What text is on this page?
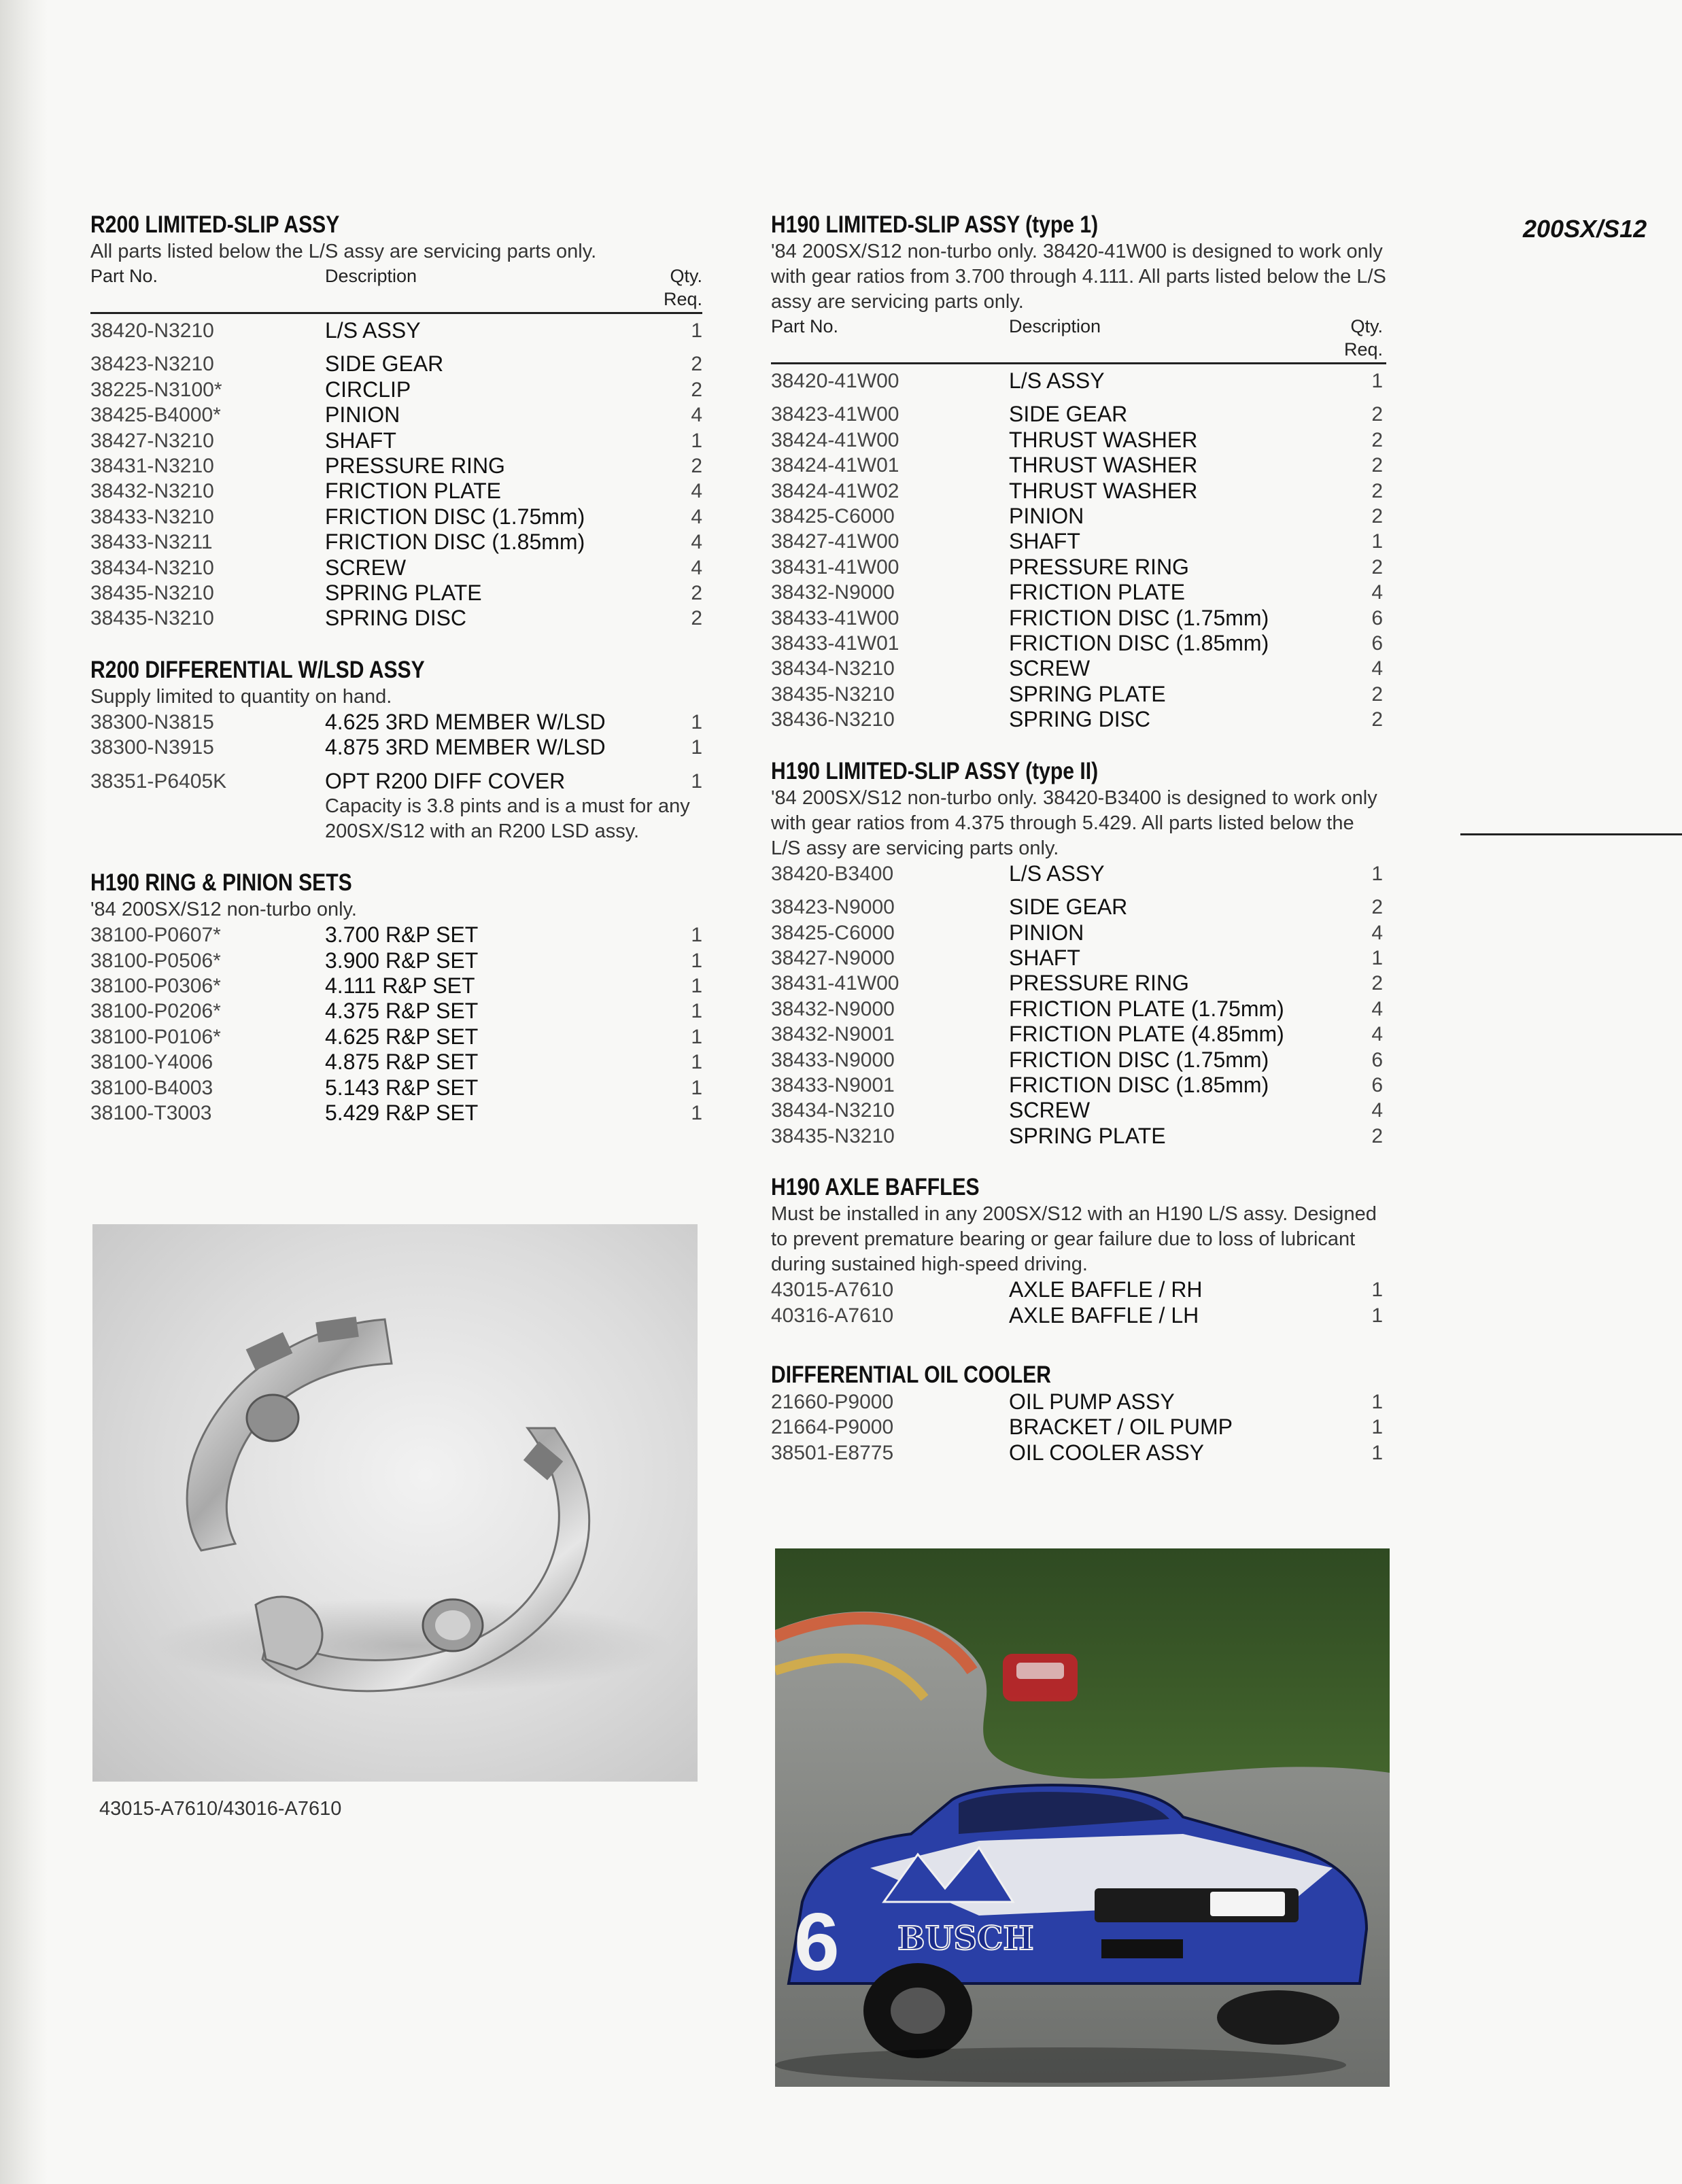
200SX/S12
R200 LIMITED-SLIP ASSY
All parts listed below the L/S assy are servicing parts only.
Part No.	Description	Qty. Req.
38420-N3210	L/S ASSY	1
38423-N3210	SIDE GEAR	2
38225-N3100*	CIRCLIP	2
38425-B4000*	PINION	4
38427-N3210	SHAFT	1
38431-N3210	PRESSURE RING	2
38432-N3210	FRICTION PLATE	4
38433-N3210	FRICTION DISC (1.75mm)	4
38433-N3211	FRICTION DISC (1.85mm)	4
38434-N3210	SCREW	4
38435-N3210	SPRING PLATE	2
38435-N3210	SPRING DISC	2
R200 DIFFERENTIAL W/LSD ASSY
Supply limited to quantity on hand.
38300-N3815	4.625 3RD MEMBER W/LSD	1
38300-N3915	4.875 3RD MEMBER W/LSD	1
38351-P6405K	OPT R200 DIFF COVER	1
Capacity is 3.8 pints and is a must for any 200SX/S12 with an R200 LSD assy.
H190 RING & PINION SETS
'84 200SX/S12 non-turbo only.
38100-P0607*	3.700 R&P SET	1
38100-P0506*	3.900 R&P SET	1
38100-P0306*	4.111 R&P SET	1
38100-P0206*	4.375 R&P SET	1
38100-P0106*	4.625 R&P SET	1
38100-Y4006	4.875 R&P SET	1
38100-B4003	5.143 R&P SET	1
38100-T3003	5.429 R&P SET	1
43015-A7610/43016-A7610
H190 LIMITED-SLIP ASSY (type 1)
'84 200SX/S12 non-turbo only. 38420-41W00 is designed to work only with gear ratios from 3.700 through 4.111. All parts listed below the L/S assy are servicing parts only.
Part No.	Description	Qty. Req.
38420-41W00	L/S ASSY	1
38423-41W00	SIDE GEAR	2
38424-41W00	THRUST WASHER	2
38424-41W01	THRUST WASHER	2
38424-41W02	THRUST WASHER	2
38425-C6000	PINION	2
38427-41W00	SHAFT	1
38431-41W00	PRESSURE RING	2
38432-N9000	FRICTION PLATE	4
38433-41W00	FRICTION DISC (1.75mm)	6
38433-41W01	FRICTION DISC (1.85mm)	6
38434-N3210	SCREW	4
38435-N3210	SPRING PLATE	2
38436-N3210	SPRING DISC	2
H190 LIMITED-SLIP ASSY (type II)
'84 200SX/S12 non-turbo only. 38420-B3400 is designed to work only with gear ratios from 4.375 through 5.429. All parts listed below the L/S assy are servicing parts only.
38420-B3400	L/S ASSY	1
38423-N9000	SIDE GEAR	2
38425-C6000	PINION	4
38427-N9000	SHAFT	1
38431-41W00	PRESSURE RING	2
38432-N9000	FRICTION PLATE (1.75mm)	4
38432-N9001	FRICTION PLATE (4.85mm)	4
38433-N9000	FRICTION DISC (1.75mm)	6
38433-N9001	FRICTION DISC (1.85mm)	6
38434-N3210	SCREW	4
38435-N3210	SPRING PLATE	2
H190 AXLE BAFFLES
Must be installed in any 200SX/S12 with an H190 L/S assy. Designed to prevent premature bearing or gear failure due to loss of lubricant during sustained high-speed driving.
43015-A7610	AXLE BAFFLE / RH	1
40316-A7610	AXLE BAFFLE / LH	1
DIFFERENTIAL OIL COOLER
21660-P9000	OIL PUMP ASSY	1
21664-P9000	BRACKET / OIL PUMP	1
38501-E8775	OIL COOLER ASSY	1
BUSCH
6
